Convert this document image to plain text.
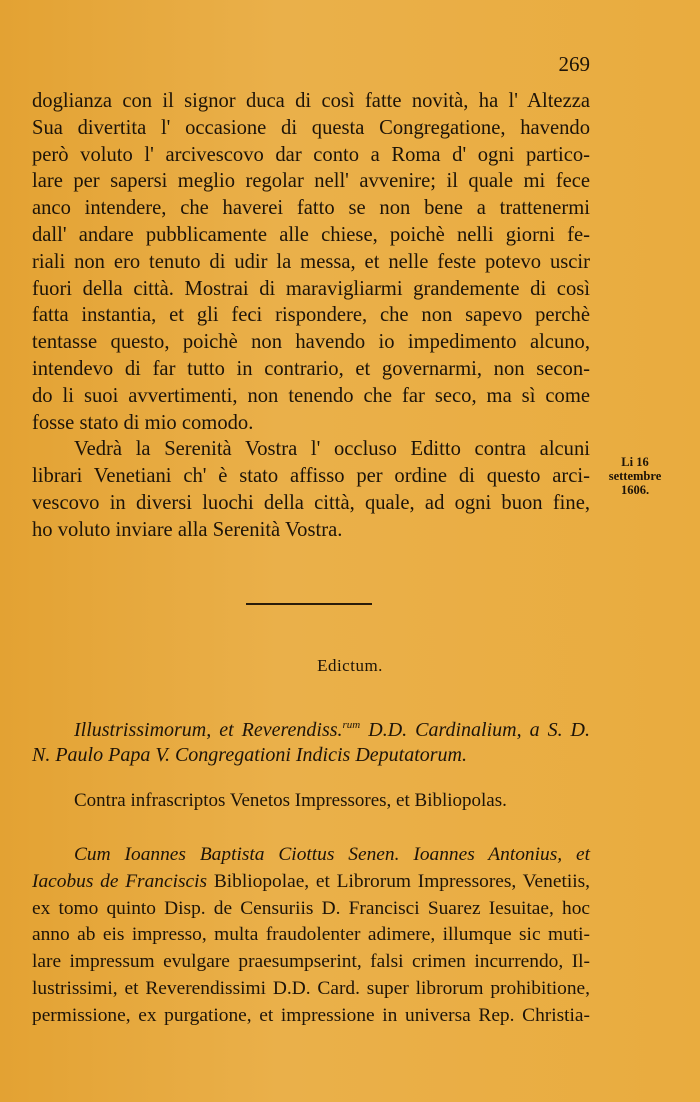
269
doglianza con il signor duca di così fatte novità, ha l' Altezza
Sua divertita l' occasione di questa Congregatione, havendo
però voluto l' arcivescovo dar conto a Roma d' ogni partico-
lare per sapersi meglio regolar nell' avvenire; il quale mi fece
anco intendere, che haverei fatto se non bene a trattenermi
dall' andare pubblicamente alle chiese, poichè nelli giorni fe-
riali non ero tenuto di udir la messa, et nelle feste potevo uscir
fuori della città. Mostrai di maravigliarmi grandemente di così
fatta instantia, et gli feci rispondere, che non sapevo perchè
tentasse questo, poichè non havendo io impedimento alcuno,
intendevo di far tutto in contrario, et governarmi, non secon-
do li suoi avvertimenti, non tenendo che far seco, ma sì come
fosse stato di mio comodo.
Vedrà la Serenità Vostra l' occluso Editto contra alcuni
librari Venetiani ch' è stato affisso per ordine di questo arci-
vescovo in diversi luochi della città, quale, ad ogni buon fine,
ho voluto inviare alla Serenità Vostra.
Li 16
settembre
1606.
Edictum.
Illustrissimorum, et Reverendiss.$^{rum}$ D.D. Cardinalium, a S. D.
N. Paulo Papa V. Congregationi Indicis Deputatorum.
Contra infrascriptos Venetos Impressores, et Bibliopolas.
Cum Ioannes Baptista Ciottus Senen. Ioannes Antonius, et
Iacobus de Franciscis Bibliopolae, et Librorum Impressores, Venetiis,
ex tomo quinto Disp. de Censuriis D. Francisci Suarez Iesuitae, hoc
anno ab eis impresso, multa fraudolenter adimere, illumque sic muti-
lare impressum evulgare praesumpserint, falsi crimen incurrendo, Il-
lustrissimi, et Reverendissimi D.D. Card. super librorum prohibitione,
permissione, ex purgatione, et impressione in universa Rep. Christia-
